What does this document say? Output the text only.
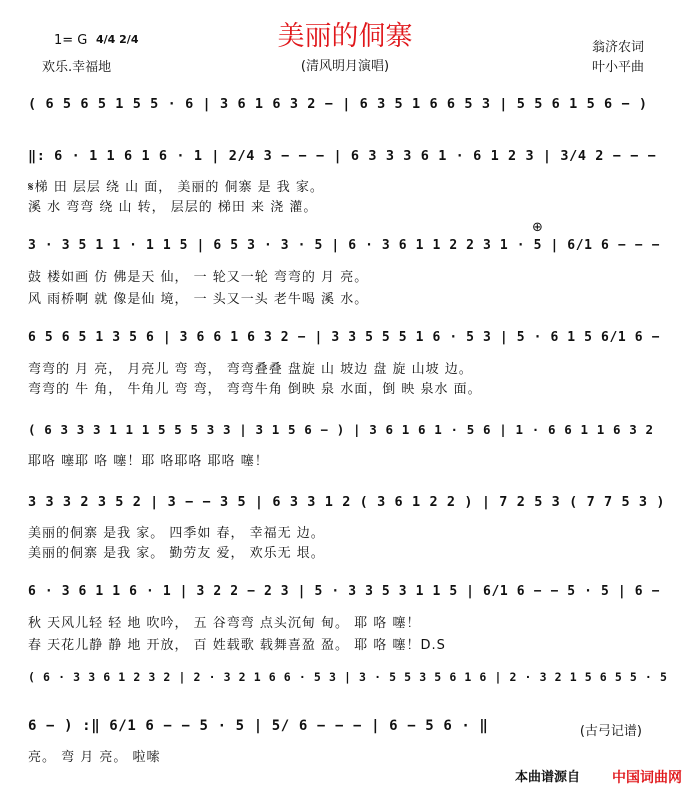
1= G 4/4 2/4
欢乐.幸福地
美丽的侗寨
(清风明月演唱)
翁济农词
叶小平曲
( 6 5 6 5 1 5 5 · 6 | 3 6 1 6 3 2 − | 6 3 5 1 6 6 5 3 | 5 5 6 1 5 6 − )
‖: 6 · 1 1 6 1 6 · 1 | 2/4 3 − − − | 6 3 3 3 6 1 · 6 1 2 3 | 3/4 2 − − −
𝄋梯 田 层层 绕 山 面， 美丽的 侗寨 是 我 家。
溪 水 弯弯 绕 山 转， 层层的 梯田 来 浇 灌。
3 · 3 5 1 1 · 1 1 5 | 6 5 3 · 3 · 5 | 6 · 3 6 1 1 2 2 3 1 · 5 | 6/1 6 − − −
鼓 楼如画 仿 佛是天 仙， 一 轮又一轮 弯弯的 月 亮。
风 雨桥啊 就 像是仙 境， 一 头又一头 老牛喝 溪 水。
6 5 6 5 1 3 5 6 | 3 6 6 1 6 3 2 − | 3 3 5 5 5 1 6 · 5 3 | 5 · 6 1 5 6/1 6 −
弯弯的 月 亮， 月亮儿 弯 弯， 弯弯叠叠 盘旋 山 坡边 盘 旋 山坡 边。
弯弯的 牛 角， 牛角儿 弯 弯， 弯弯牛角 倒映 泉 水面，倒 映 泉水 面。
( 6 3 3 3 1 1 1 5 5 5 3 3 | 3 1 5 6 − ) | 3 6 1 6 1 · 5 6 | 1 · 6 6 1 1 6 3 2
耶咯 噻耶 咯 噻！耶 咯耶咯 耶咯 噻！
3 3 3 2 3 5 2 | 3 − − 3 5 | 6 3 3 1 2 ( 3 6 1 2 2 ) | 7 2 5 3 ( 7 7 5 3 )
美丽的侗寨 是我 家。 四季如 春， 幸福无 边。
美丽的侗寨 是我 家。 勤劳友 爱， 欢乐无 垠。
6 · 3 6 1 1 6 · 1 | 3 2 2 − 2 3 | 5 · 3 3 5 3 1 1 5 | 6/1 6 − − 5 · 5 | 6 −
秋 天风儿轻 轻 地 吹吟， 五 谷弯弯 点头沉甸 甸。 耶 咯 噻！
春 天花儿静 静 地 开放， 百 姓载歌 载舞喜盈 盈。 耶 咯 噻！D.S
( 6 · 3 3 6 1 2 3 2 | 2 · 3 2 1 6 6 · 5 3 | 3 · 5 5 3 5 6 1 6 | 2 · 3 2 1 5 6 5 5 · 5
6 − ) :‖ 6/1 6 − − 5 · 5 | 5/ 6 − − − | 6 − 5 6 · ‖
亮。 弯 月 亮。 啦嗦
(古弓记谱)
⊕
本曲谱源自 中国词曲网
